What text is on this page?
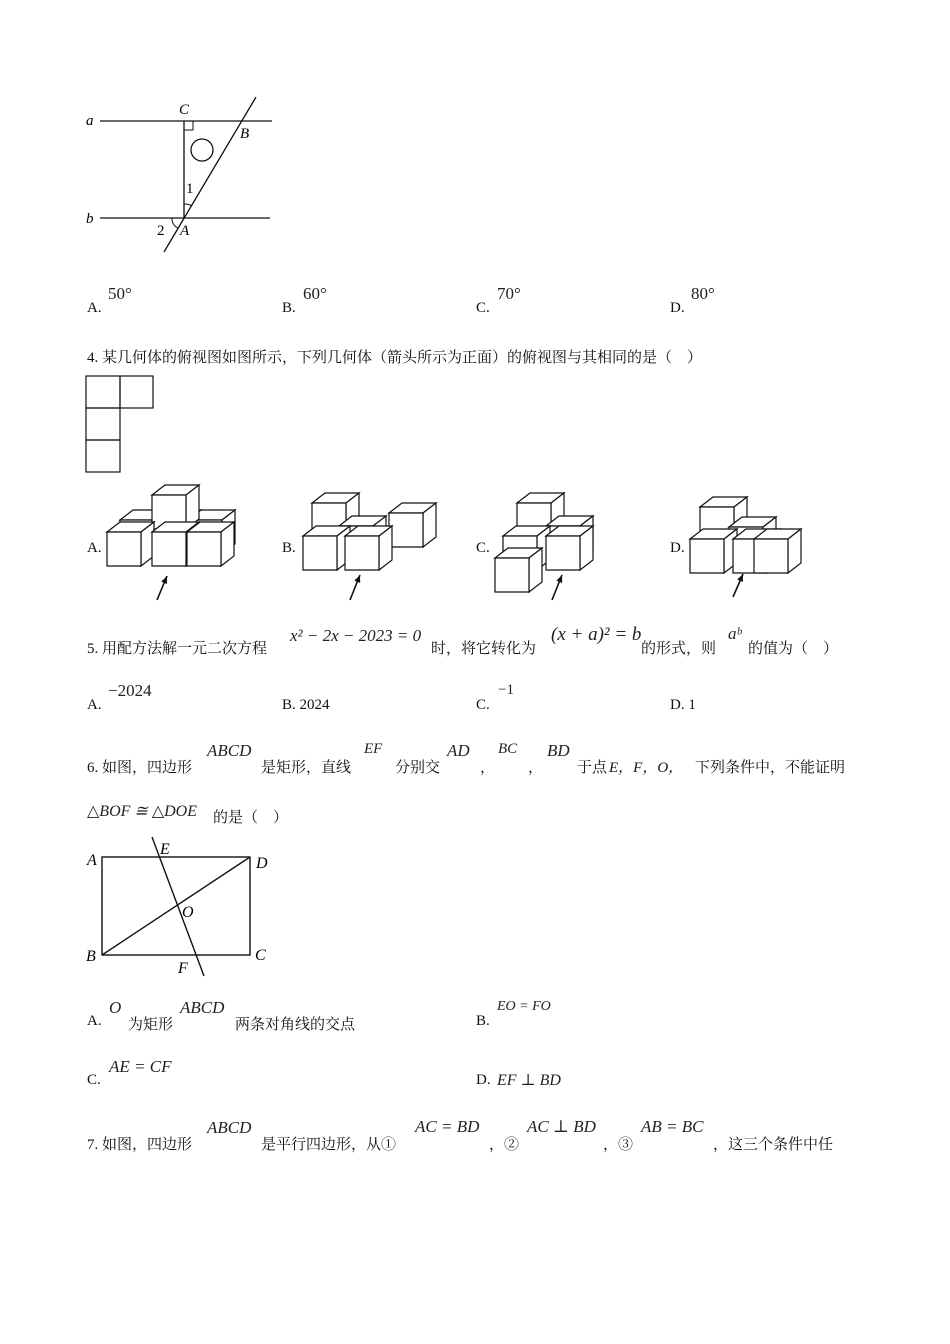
a
b
C
B
A
1
2
A.
50°
B.
60°
C.
70°
D.
80°
4. 某几何体的俯视图如图所示，下列几何体（箭头所示为正面）的俯视图与其相同的是（　）
A.	B.	C.	D.
5. 用配方法解一元二次方程
x² − 2x − 2023 = 0
时，将它转化为
(x + a)² = b
的形式，则
aᵇ
的值为（　）
A.
−2024
B. 2024	C.
−1
D. 1
6. 如图，四边形
ABCD
是矩形，直线
EF
分别交
AD
，
BC
，
BD
于点 E，F，O， 下列条件中，不能证明
△BOF ≅ △DOE 的是（　）
A
E
D
O
B	C
F
A.
O
为矩形
ABCD
两条对角线的交点	B.
EO = FO
C.
AE = CF
D. EF ⊥ BD
7. 如图，四边形
ABCD
是平行四边形，从①
AC = BD
，②
AC ⊥ BD
，③
AB = BC
，这三个条件中任
